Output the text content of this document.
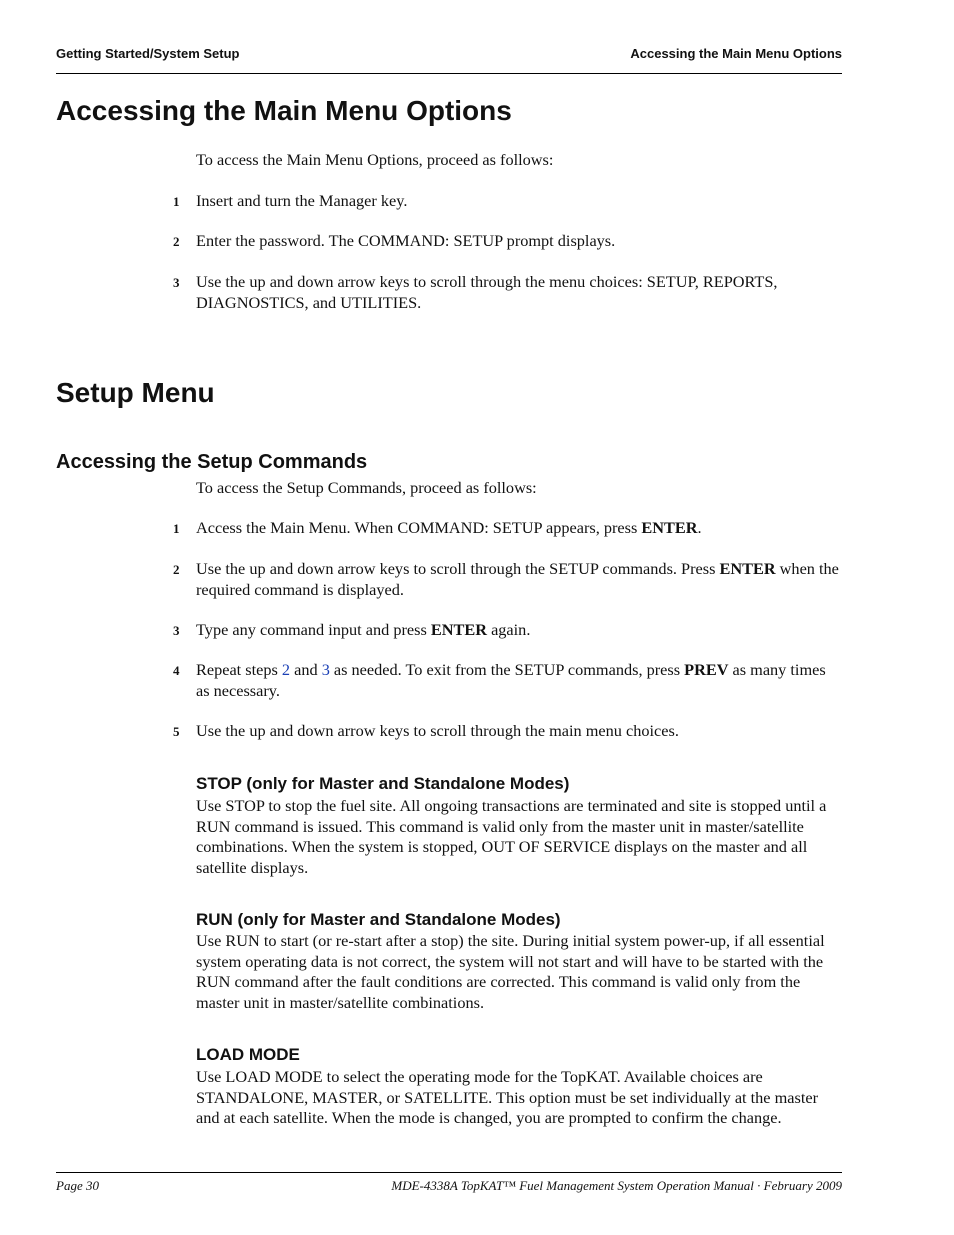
Getting Started/System Setup	Accessing the Main Menu Options
Accessing the Main Menu Options

To access the Main Menu Options, proceed as follows:

1 Insert and turn the Manager key.
2 Enter the password. The COMMAND: SETUP prompt displays.
3 Use the up and down arrow keys to scroll through the menu choices: SETUP, REPORTS, DIAGNOSTICS, and UTILITIES.
Setup Menu
Accessing the Setup Commands

To access the Setup Commands, proceed as follows:

1 Access the Main Menu. When COMMAND: SETUP appears, press ENTER.
2 Use the up and down arrow keys to scroll through the SETUP commands. Press ENTER when the required command is displayed.
3 Type any command input and press ENTER again.
4 Repeat steps 2 and 3 as needed. To exit from the SETUP commands, press PREV as many times as necessary.
5 Use the up and down arrow keys to scroll through the main menu choices.
STOP (only for Master and Standalone Modes)

Use STOP to stop the fuel site. All ongoing transactions are terminated and site is stopped until a RUN command is issued. This command is valid only from the master unit in master/satellite combinations. When the system is stopped, OUT OF SERVICE displays on the master and all satellite displays.

RUN (only for Master and Standalone Modes)

Use RUN to start (or re-start after a stop) the site. During initial system power-up, if all essential system operating data is not correct, the system will not start and will have to be started with the RUN command after the fault conditions are corrected. This command is valid only from the master unit in master/satellite combinations.

LOAD MODE

Use LOAD MODE to select the operating mode for the TopKAT. Available choices are STANDALONE, MASTER, or SATELLITE. This option must be set individually at the master and at each satellite. When the mode is changed, you are prompted to confirm the change.

Page 30	MDE-4338A TopKAT™ Fuel Management System Operation Manual · February 2009
